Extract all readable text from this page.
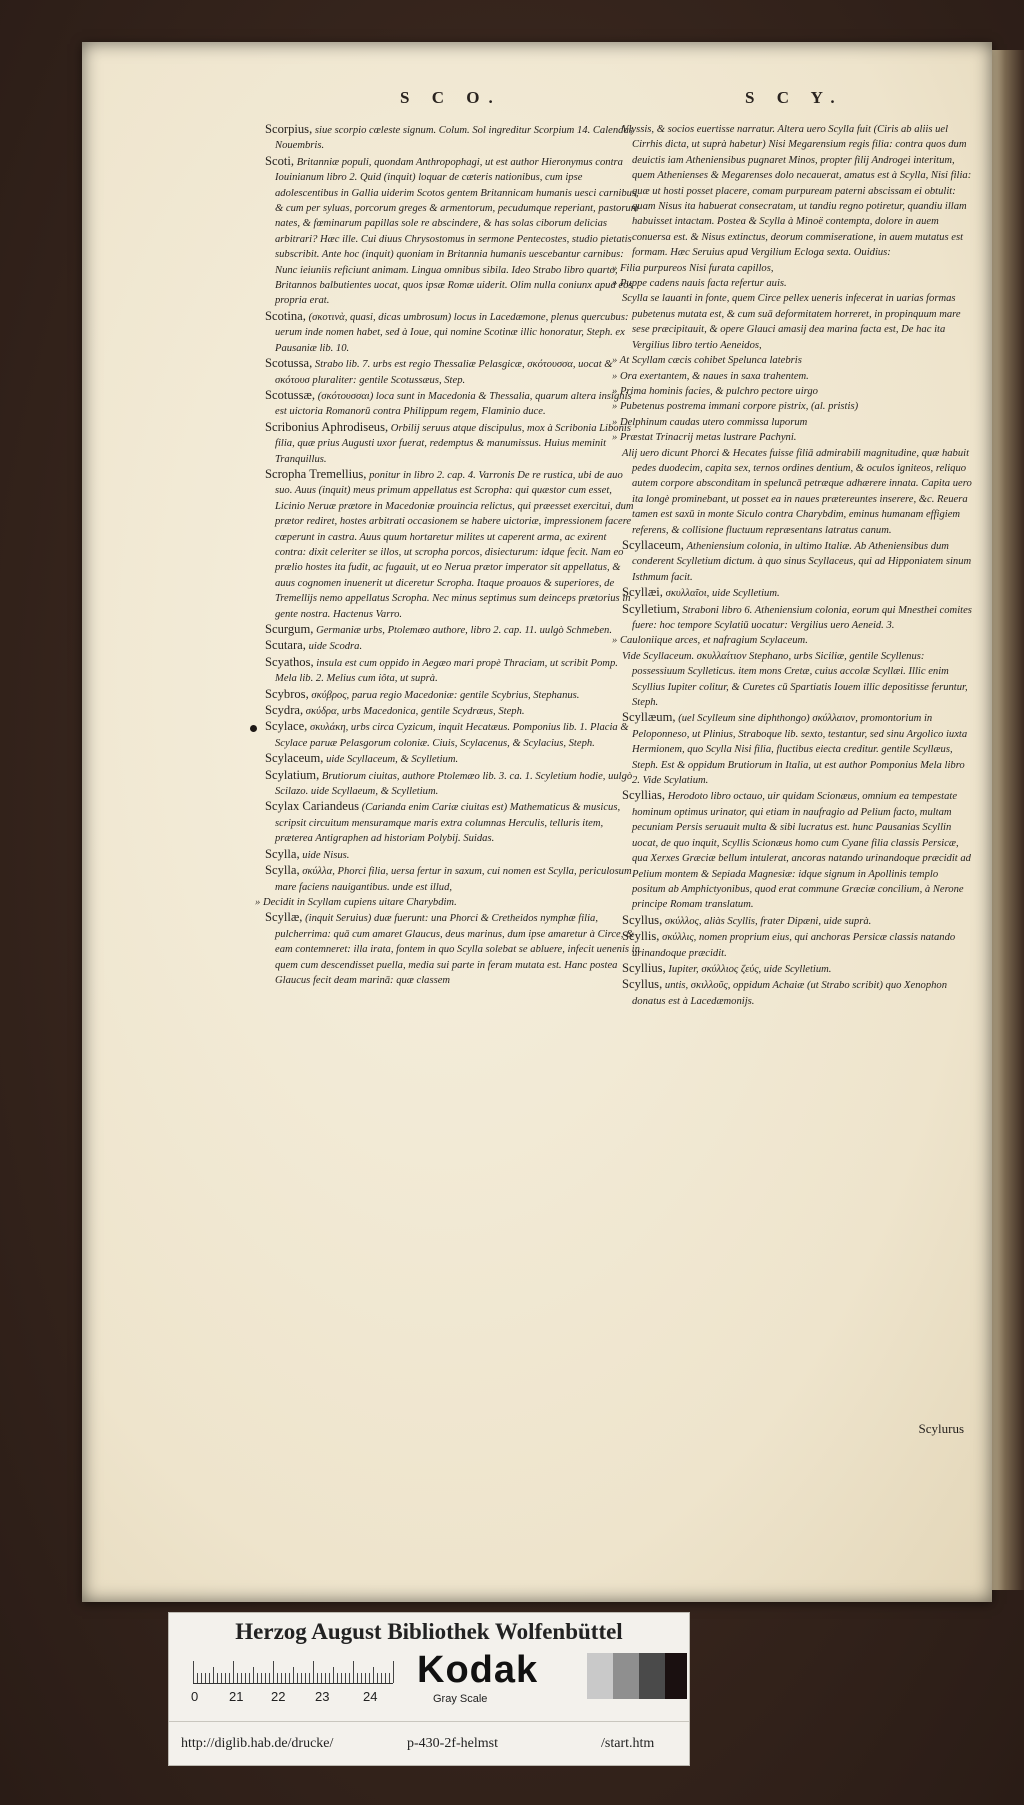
S C O.	S C Y.
Scorpius, siue scorpio cœleste signum. Colum. Sol ingreditur Scorpium 14. Calendas Nouembris.
Scoti, Britanniæ populi, quondam Anthropophagi, ut est author Hieronymus contra Iouinianum libro 2. Quid (inquit) loquar de cæteris nationibus, cum ipse adolescentibus in Gallia uiderim Scotos gentem Britannicam humanis uesci carnibus, & cum per syluas, porcorum greges & armentorum, pecudumque reperiant, pastorum nates, & fœminarum papillas sole re abscindere, & has solas ciborum delicias arbitrari? Hæc ille. Cui diuus Chrysostomus in sermone Pentecostes, studio pietatis subscribit. Ante hoc (inquit) quoniam in Britannia humanis uescebantur carnibus: Nunc ieiuniis reficiunt animam. Lingua omnibus sibila. Ideo Strabo libro quarto, Britannos balbutientes uocat, quos ipsæ Romæ uiderit. Olim nulla coniunx apud eos propria erat.
Scotina, (σκοτινὰ, quasi, dicas umbrosum) locus in Lacedæmone, plenus quercubus: uerum inde nomen habet, sed à Ioue, qui nomine Scotinæ illic honoratur, Steph. ex Pausaniæ lib. 10.
Scotussa, Strabo lib. 7. urbs est regio Thessaliæ Pelasgicæ, σκότουσσα, uocat & σκότουσ pluraliter: gentile Scotussæus, Step.
Scotussæ, (σκότουσσαι) loca sunt in Macedonia & Thessalia, quarum altera insignis est uictoria Romanorū contra Philippum regem, Flaminio duce.
Scribonius Aphrodiseus, Orbilij seruus atque discipulus, mox à Scribonia Libonis filia, quæ prius Augusti uxor fuerat, redemptus & manumissus. Huius meminit Tranquillus.
Scropha Tremellius, ponitur in libro 2. cap. 4. Varronis De re rustica, ubi de auo suo. Auus (inquit) meus primum appellatus est Scropha: qui quæstor cum esset, Licinio Neruæ prætore in Macedoniæ prouincia relictus, qui præesset exercitui, dum prætor rediret, hostes arbitrati occasionem se habere uictoriæ, impressionem facere cœperunt in castra. Auus quum hortaretur milites ut caperent arma, ac exirent contra: dixit celeriter se illos, ut scropha porcos, disiecturum: idque fecit. Nam eo prælio hostes ita fudit, ac fugauit, ut eo Nerua prætor imperator sit appellatus, & auus cognomen inuenerit ut diceretur Scropha. Itaque proauos & superiores, de Tremellijs nemo appellatus Scropha. Nec minus septimus sum deinceps prætorius in gente nostra. Hactenus Varro.
Scurgum, Germaniæ urbs, Ptolemæo authore, libro 2. cap. 11. uulgò Schmeben.
Scutara, uide Scodra.
Scyathos, insula est cum oppido in Aegæo mari propè Thraciam, ut scribit Pomp. Mela lib. 2. Melius cum iôta, ut suprà.
Scybros, σκύβρος, parua regio Macedoniæ: gentile Scybrius, Stephanus.
Scydra, σκύδρα, urbs Macedonica, gentile Scydræus, Steph.
Scylace, σκυλάκη, urbs circa Cyzicum, inquit Hecatæus. Pomponius lib. 1. Placia & Scylace paruæ Pelasgorum coloniæ. Ciuis, Scylacenus, & Scylacius, Steph.
Scylaceum, uide Scyllaceum, & Scylletium.
Scylatium, Brutiorum ciuitas, authore Ptolemæo lib. 3. ca. 1. Scyletium hodie, uulgò Scilazo. uide Scyllaeum, & Scylletium.
Scylax Cariandeus (Carianda enim Cariæ ciuitas est) Mathematicus & musicus, scripsit circuitum mensuramque maris extra columnas Herculis, telluris item, præterea Antigraphen ad historiam Polybij. Suidas.
Scylla, uide Nisus.
Scylla, σκύλλα, Phorci filia, uersa fertur in saxum, cui nomen est Scylla, periculosum mare faciens nauigantibus. unde est illud,
» Decidit in Scyllam cupiens uitare Charybdim.
Scyllæ, (inquit Seruius) duæ fuerunt: una Phorci & Cretheidos nymphæ filia, pulcherrima: quā cum amaret Glaucus, deus marinus, dum ipse amaretur à Circe, & eam contemneret: illa irata, fontem in quo Scylla solebat se abluere, infecit uenenis in quem cum descendisset puella, media sui parte in feram mutata est. Hanc postea Glaucus fecit deam marinā: quæ classem
Vlyssis, & socios euertisse narratur. Altera uero Scylla fuit (Ciris ab aliis uel Cirrhis dicta, ut suprà habetur) Nisi Megarensium regis filia: contra quos dum deuictis iam Atheniensibus pugnaret Minos, propter filij Androgei interitum, quem Athenienses & Megarenses dolo necauerat, amatus est à Scylla, Nisi filia: quæ ut hosti posset placere, comam purpuream paterni abscissam ei obtulit: quam Nisus ita habuerat consecratam, ut tandiu regno potiretur, quandiu illam habuisset intactam. Postea & Scylla à Minoë contempta, dolore in auem conuersa est. & Nisus extinctus, deorum commiseratione, in auem mutatus est formam. Hæc Seruius apud Vergilium Ecloga sexta. Ouidius:
» Filia purpureos Nisi furata capillos,
» Puppe cadens nauis facta refertur auis.
Scylla se lauanti in fonte, quem Circe pellex ueneris infecerat in uarias formas pubetenus mutata est, & cum suā deformitatem horreret, in propinquum mare sese præcipitauit, & opere Glauci amasij dea marina facta est, De hac ita Vergilius libro tertio Aeneidos,
» At Scyllam cæcis cohibet Spelunca latebris
» Ora exertantem, & naues in saxa trahentem.
» Prima hominis facies, & pulchro pectore uirgo
» Pubetenus postrema immani corpore pistrix, (al. pristis)
» Delphinum caudas utero commissa luporum
» Præstat Trinacrij metas lustrare Pachyni.
Alij uero dicunt Phorci & Hecates fuisse filiā admirabili magnitudine, quæ habuit pedes duodecim, capita sex, ternos ordines dentium, & oculos igniteos, reliquo autem corpore absconditam in speluncā petræque adhærere innata. Capita uero ita longè prominebant, ut posset ea in naues prætereuntes inserere, &c. Reuera tamen est saxū in monte Siculo contra Charybdim, eminus humanam effigiem referens, & collisione fluctuum repræsentans latratus canum.
Scyllaceum, Atheniensium colonia, in ultimo Italiæ. Ab Atheniensibus dum conderent Scylletium dictum. à quo sinus Scyllaceus, qui ad Hipponiatem sinum Isthmum facit.
Scyllæi, σκυλλαῖοι, uide Scylletium.
Scylletium, Straboni libro 6. Atheniensium colonia, eorum qui Mnesthei comites fuere: hoc tempore Scylatiū uocatur: Vergilius uero Aeneid. 3.
» Cauloniique arces, et nafragium Scylaceum.
Vide Scyllaceum. σκυλλαίτιον Stephano, urbs Siciliæ, gentile Scyllenus: possessiuum Scylleticus. item mons Cretæ, cuius accolæ Scyllæi. Illic enim Scyllius Iupiter colitur, & Curetes cū Spartiatis Iouem illic depositisse feruntur, Steph.
Scyllæum, (uel Scylleum sine diphthongo) σκύλλαιον, promontorium in Peloponneso, ut Plinius, Straboque lib. sexto, testantur, sed sinu Argolico iuxta Hermionem, quo Scylla Nisi filia, fluctibus eiecta creditur. gentile Scyllæus, Steph. Est & oppidum Brutiorum in Italia, ut est author Pomponius Mela libro 2. Vide Scylatium.
Scyllias, Herodoto libro octauo, uir quidam Scionæus, omnium ea tempestate hominum optimus urinator, qui etiam in naufragio ad Pelium facto, multam pecuniam Persis seruauit multa & sibi lucratus est. hunc Pausanias Scyllin uocat, de quo inquit, Scyllis Scionæus homo cum Cyane filia classis Persicæ, qua Xerxes Græciæ bellum intulerat, ancoras natando urinandoque præcidit ad Pelium montem & Sepiada Magnesiæ: idque signum in Apollinis templo positum ab Amphictyonibus, quod erat commune Græciæ concilium, à Nerone principe Romam translatum.
Scyllus, σκύλλος, aliàs Scyllis, frater Dipæni, uide suprà.
Scyllis, σκύλλις, nomen proprium eius, qui anchoras Persicæ classis natando urinandoque præcidit.
Scyllius, Iupiter, σκύλλιος ζεύς, uide Scylletium.
Scyllus, untis, σκιλλοῦς, oppidum Achaiæ (ut Strabo scribit) quo Xenophon donatus est à Lacedæmonijs.
Scylurus
Herzog August Bibliothek Wolfenbüttel
0 21 22 23	24
Kodak
Gray Scale
http://diglib.hab.de/drucke/	p-430-2f-helmst	/start.htm
